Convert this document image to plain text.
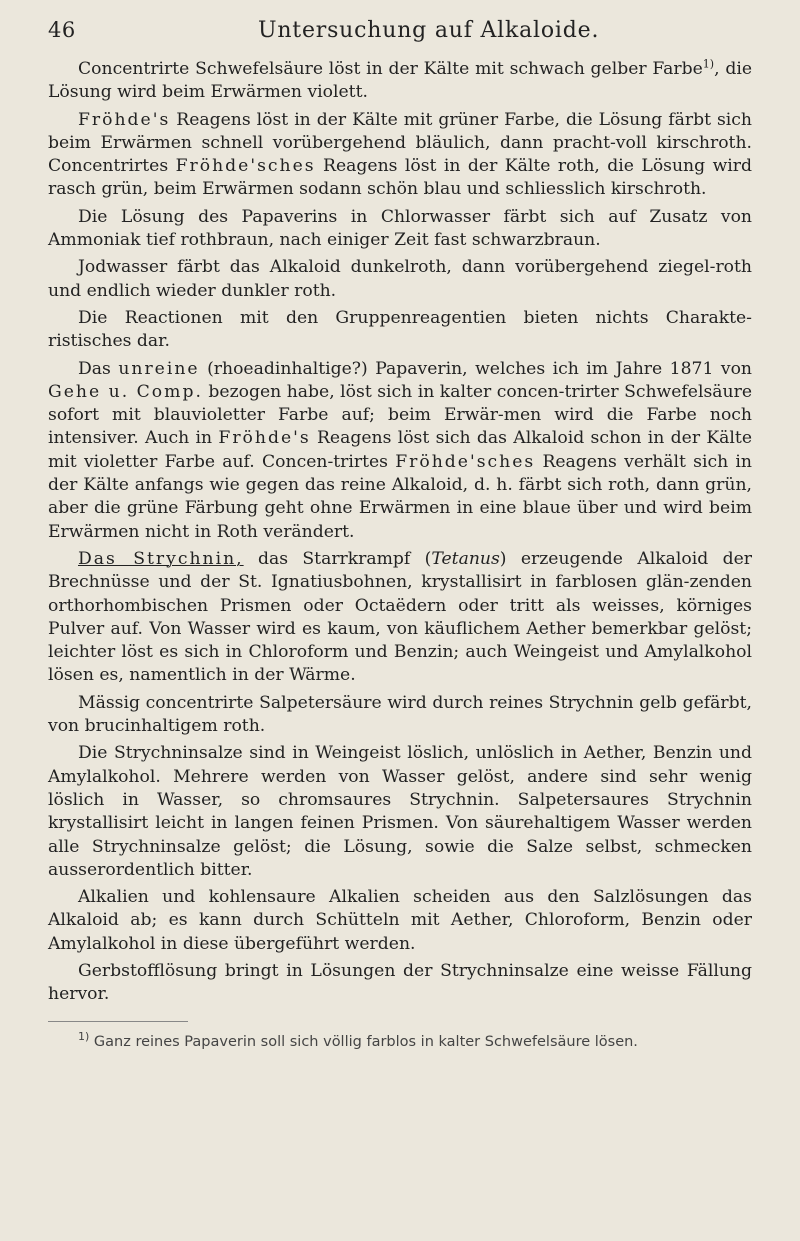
46	Untersuchung auf Alkaloide.

Concentrirte Schwefelsäure löst in der Kälte mit schwach gelber Farbe$^{1)}$, die Lösung wird beim Erwärmen violett.

Fröhde's Reagens löst in der Kälte mit grüner Farbe, die Lösung färbt sich beim Erwärmen schnell vorübergehend bläulich, dann pracht-voll kirschroth. Concentrirtes Fröhde'sches Reagens löst in der Kälte roth, die Lösung wird rasch grün, beim Erwärmen sodann schön blau und schliesslich kirschroth.

Die Lösung des Papaverins in Chlorwasser färbt sich auf Zusatz von Ammoniak tief rothbraun, nach einiger Zeit fast schwarzbraun.

Jodwasser färbt das Alkaloid dunkelroth, dann vorübergehend ziegel-roth und endlich wieder dunkler roth.

Die Reactionen mit den Gruppenreagentien bieten nichts Charakte-ristisches dar.

Das unreine (rhoeadinhaltige?) Papaverin, welches ich im Jahre 1871 von Gehe u. Comp. bezogen habe, löst sich in kalter concen-trirter Schwefelsäure sofort mit blauvioletter Farbe auf; beim Erwär-men wird die Farbe noch intensiver. Auch in Fröhde's Reagens löst sich das Alkaloid schon in der Kälte mit violetter Farbe auf. Concen-trirtes Fröhde'sches Reagens verhält sich in der Kälte anfangs wie gegen das reine Alkaloid, d. h. färbt sich roth, dann grün, aber die grüne Färbung geht ohne Erwärmen in eine blaue über und wird beim Erwärmen nicht in Roth verändert.

Das Strychnin, das Starrkrampf (Tetanus) erzeugende Alkaloid der Brechnüsse und der St. Ignatiusbohnen, krystallisirt in farblosen glän-zenden orthorhombischen Prismen oder Octaëdern oder tritt als weisses, körniges Pulver auf. Von Wasser wird es kaum, von käuflichem Aether bemerkbar gelöst; leichter löst es sich in Chloroform und Benzin; auch Weingeist und Amylalkohol lösen es, namentlich in der Wärme.

Mässig concentrirte Salpetersäure wird durch reines Strychnin gelb gefärbt, von brucinhaltigem roth.

Die Strychninsalze sind in Weingeist löslich, unlöslich in Aether, Benzin und Amylalkohol. Mehrere werden von Wasser gelöst, andere sind sehr wenig löslich in Wasser, so chromsaures Strychnin. Salpetersaures Strychnin krystallisirt leicht in langen feinen Prismen. Von säurehaltigem Wasser werden alle Strychninsalze gelöst; die Lösung, sowie die Salze selbst, schmecken ausserordentlich bitter.

Alkalien und kohlensaure Alkalien scheiden aus den Salzlösungen das Alkaloid ab; es kann durch Schütteln mit Aether, Chloroform, Benzin oder Amylalkohol in diese übergeführt werden.

Gerbstofflösung bringt in Lösungen der Strychninsalze eine weisse Fällung hervor.

$^{1)}$ Ganz reines Papaverin soll sich völlig farblos in kalter Schwefelsäure lösen.
